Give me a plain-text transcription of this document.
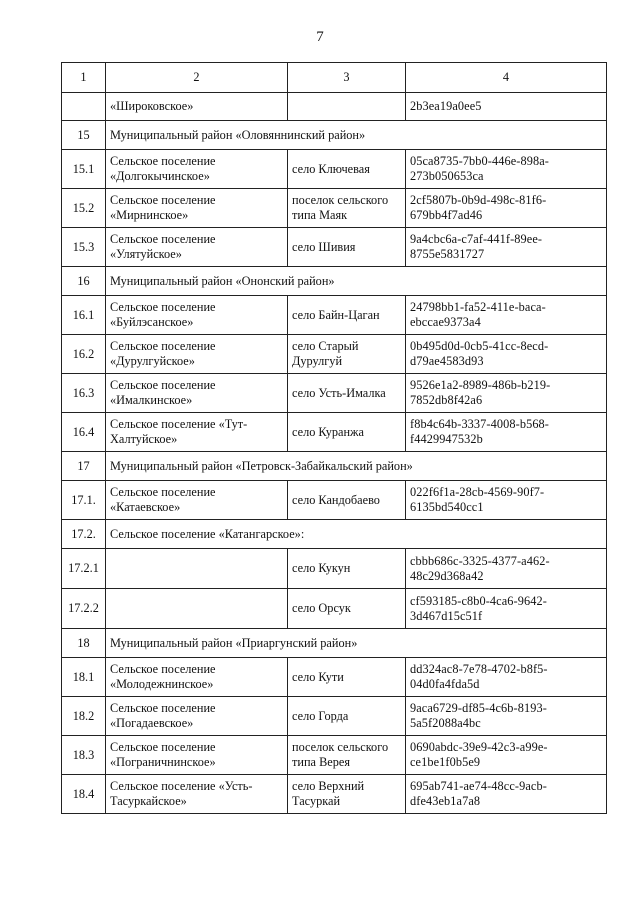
7
1	2	3	4
	«Широковское»		2b3ea19a0ee5
15	Муниципальный район «Оловяннинский район»		
15.1	Сельское поселение «Долгокычинское»	село Ключевая	05ca8735-7bb0-446e-898a-273b050653ca
15.2	Сельское поселение «Мирнинское»	поселок сельского типа Маяк	2cf5807b-0b9d-498c-81f6-679bb4f7ad46
15.3	Сельское поселение «Улятуйское»	село Шивия	9a4cbc6a-c7af-441f-89ee-8755e5831727
16	Муниципальный район «Ононский район»		
16.1	Сельское поселение «Буйлэсанское»	село Байн-Цаган	24798bb1-fa52-411e-baca-ebccae9373a4
16.2	Сельское поселение «Дурулгуйское»	село Старый Дурулгуй	0b495d0d-0cb5-41cc-8ecd-d79ae4583d93
16.3	Сельское поселение «Ималкинское»	село Усть-Ималка	9526e1a2-8989-486b-b219-7852db8f42a6
16.4	Сельское поселение «Тут-Халтуйское»	село Куранжа	f8b4c64b-3337-4008-b568-f4429947532b
17	Муниципальный район «Петровск-Забайкальский район»		
17.1.	Сельское поселение «Катаевское»	село Кандобаево	022f6f1a-28cb-4569-90f7-6135bd540cc1
17.2.	Сельское поселение «Катангарское»:		
17.2.1		село Кукун	cbbb686c-3325-4377-a462-48c29d368a42
17.2.2		село Орсук	cf593185-c8b0-4ca6-9642-3d467d15c51f
18	Муниципальный район «Приаргунский район»		
18.1	Сельское поселение «Молодежнинское»	село Кути	dd324ac8-7e78-4702-b8f5-04d0fa4fda5d
18.2	Сельское поселение «Погадаевское»	село Горда	9aca6729-df85-4c6b-8193-5a5f2088a4bc
18.3	Сельское поселение «Пограничнинское»	поселок сельского типа Верея	0690abdc-39e9-42c3-a99e-ce1be1f0b5e9
18.4	Сельское поселение «Усть-Тасуркайское»	село Верхний Тасуркай	695ab741-ae74-48cc-9acb-dfe43eb1a7a8
